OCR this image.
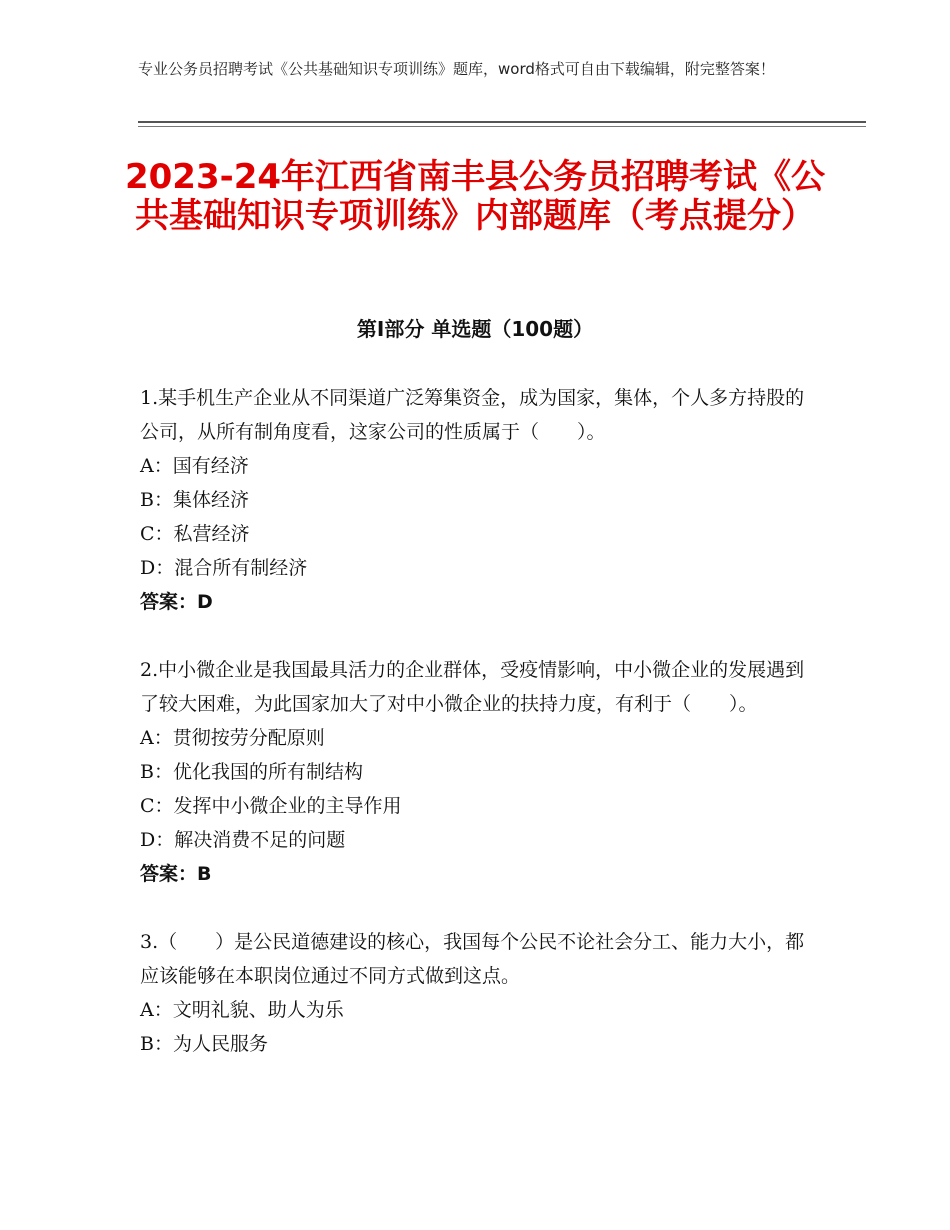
专业公务员招聘考试《公共基础知识专项训练》题库，word格式可自由下载编辑，附完整答案！
2023-24年江西省南丰县公务员招聘考试《公共基础知识专项训练》内部题库（考点提分）
第Ⅰ部分 单选题（100题）
1.某手机生产企业从不同渠道广泛筹集资金，成为国家，集体，个人多方持股的公司，从所有制角度看，这家公司的性质属于（　　）。
A：国有经济
B：集体经济
C：私营经济
D：混合所有制经济
答案：D
2.中小微企业是我国最具活力的企业群体，受疫情影响，中小微企业的发展遇到了较大困难，为此国家加大了对中小微企业的扶持力度，有利于（　　）。
A：贯彻按劳分配原则
B：优化我国的所有制结构
C：发挥中小微企业的主导作用
D：解决消费不足的问题
答案：B
3.（　　）是公民道德建设的核心，我国每个公民不论社会分工、能力大小，都应该能够在本职岗位通过不同方式做到这点。
A：文明礼貌、助人为乐
B：为人民服务
